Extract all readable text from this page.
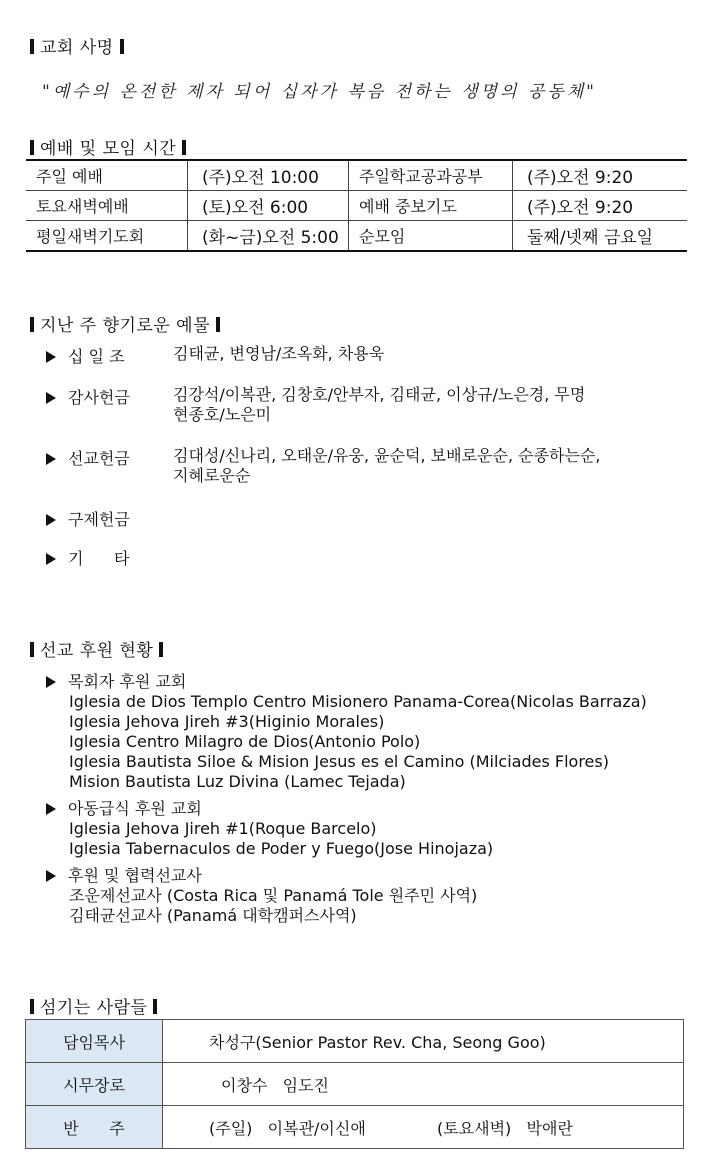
교회 사명
"예수의 온전한 제자 되어 십자가 복음 전하는 생명의 공동체"
예배 및 모임 시간
주일 예배	(주)오전 10:00	주일학교공과공부	(주)오전 9:20
토요새벽예배	(토)오전 6:00	예배 중보기도	(주)오전 9:20
평일새벽기도회	(화~금)오전 5:00	순모임	둘째/넷째 금요일
지난 주 향기로운 예물
십 일 조	김태균, 변영남/조옥화, 차용욱
감사헌금	김강석/이복관, 김창호/안부자, 김태균, 이상규/노은경, 무명
현종호/노은미
선교헌금	김대성/신나리, 오태운/유웅, 윤순덕, 보배로운순, 순종하는순,
지혜로운순
구제헌금
기      타
선교 후원 현황
목회자 후원 교회
Iglesia de Dios Templo Centro Misionero Panama-Corea(Nicolas Barraza)
Iglesia Jehova Jireh #3(Higinio Morales)
Iglesia Centro Milagro de Dios(Antonio Polo)
Iglesia Bautista Siloe & Mision Jesus es el Camino (Milciades Flores)
Mision Bautista Luz Divina (Lamec Tejada)
아동급식 후원 교회
Iglesia Jehova Jireh #1(Roque Barcelo)
Iglesia Tabernaculos de Poder y Fuego(Jose Hinojaza)
후원 및 협력선교사
조운제선교사 (Costa Rica 및 Panamá Tole 원주민 사역)
김태균선교사 (Panamá 대학캠퍼스사역)
섬기는 사람들
담임목사	차성구(Senior Pastor Rev. Cha, Seong Goo)
시무장로	이창수   임도진
반      주	(주일)   이복관/이신애              (토요새벽)   박애란
